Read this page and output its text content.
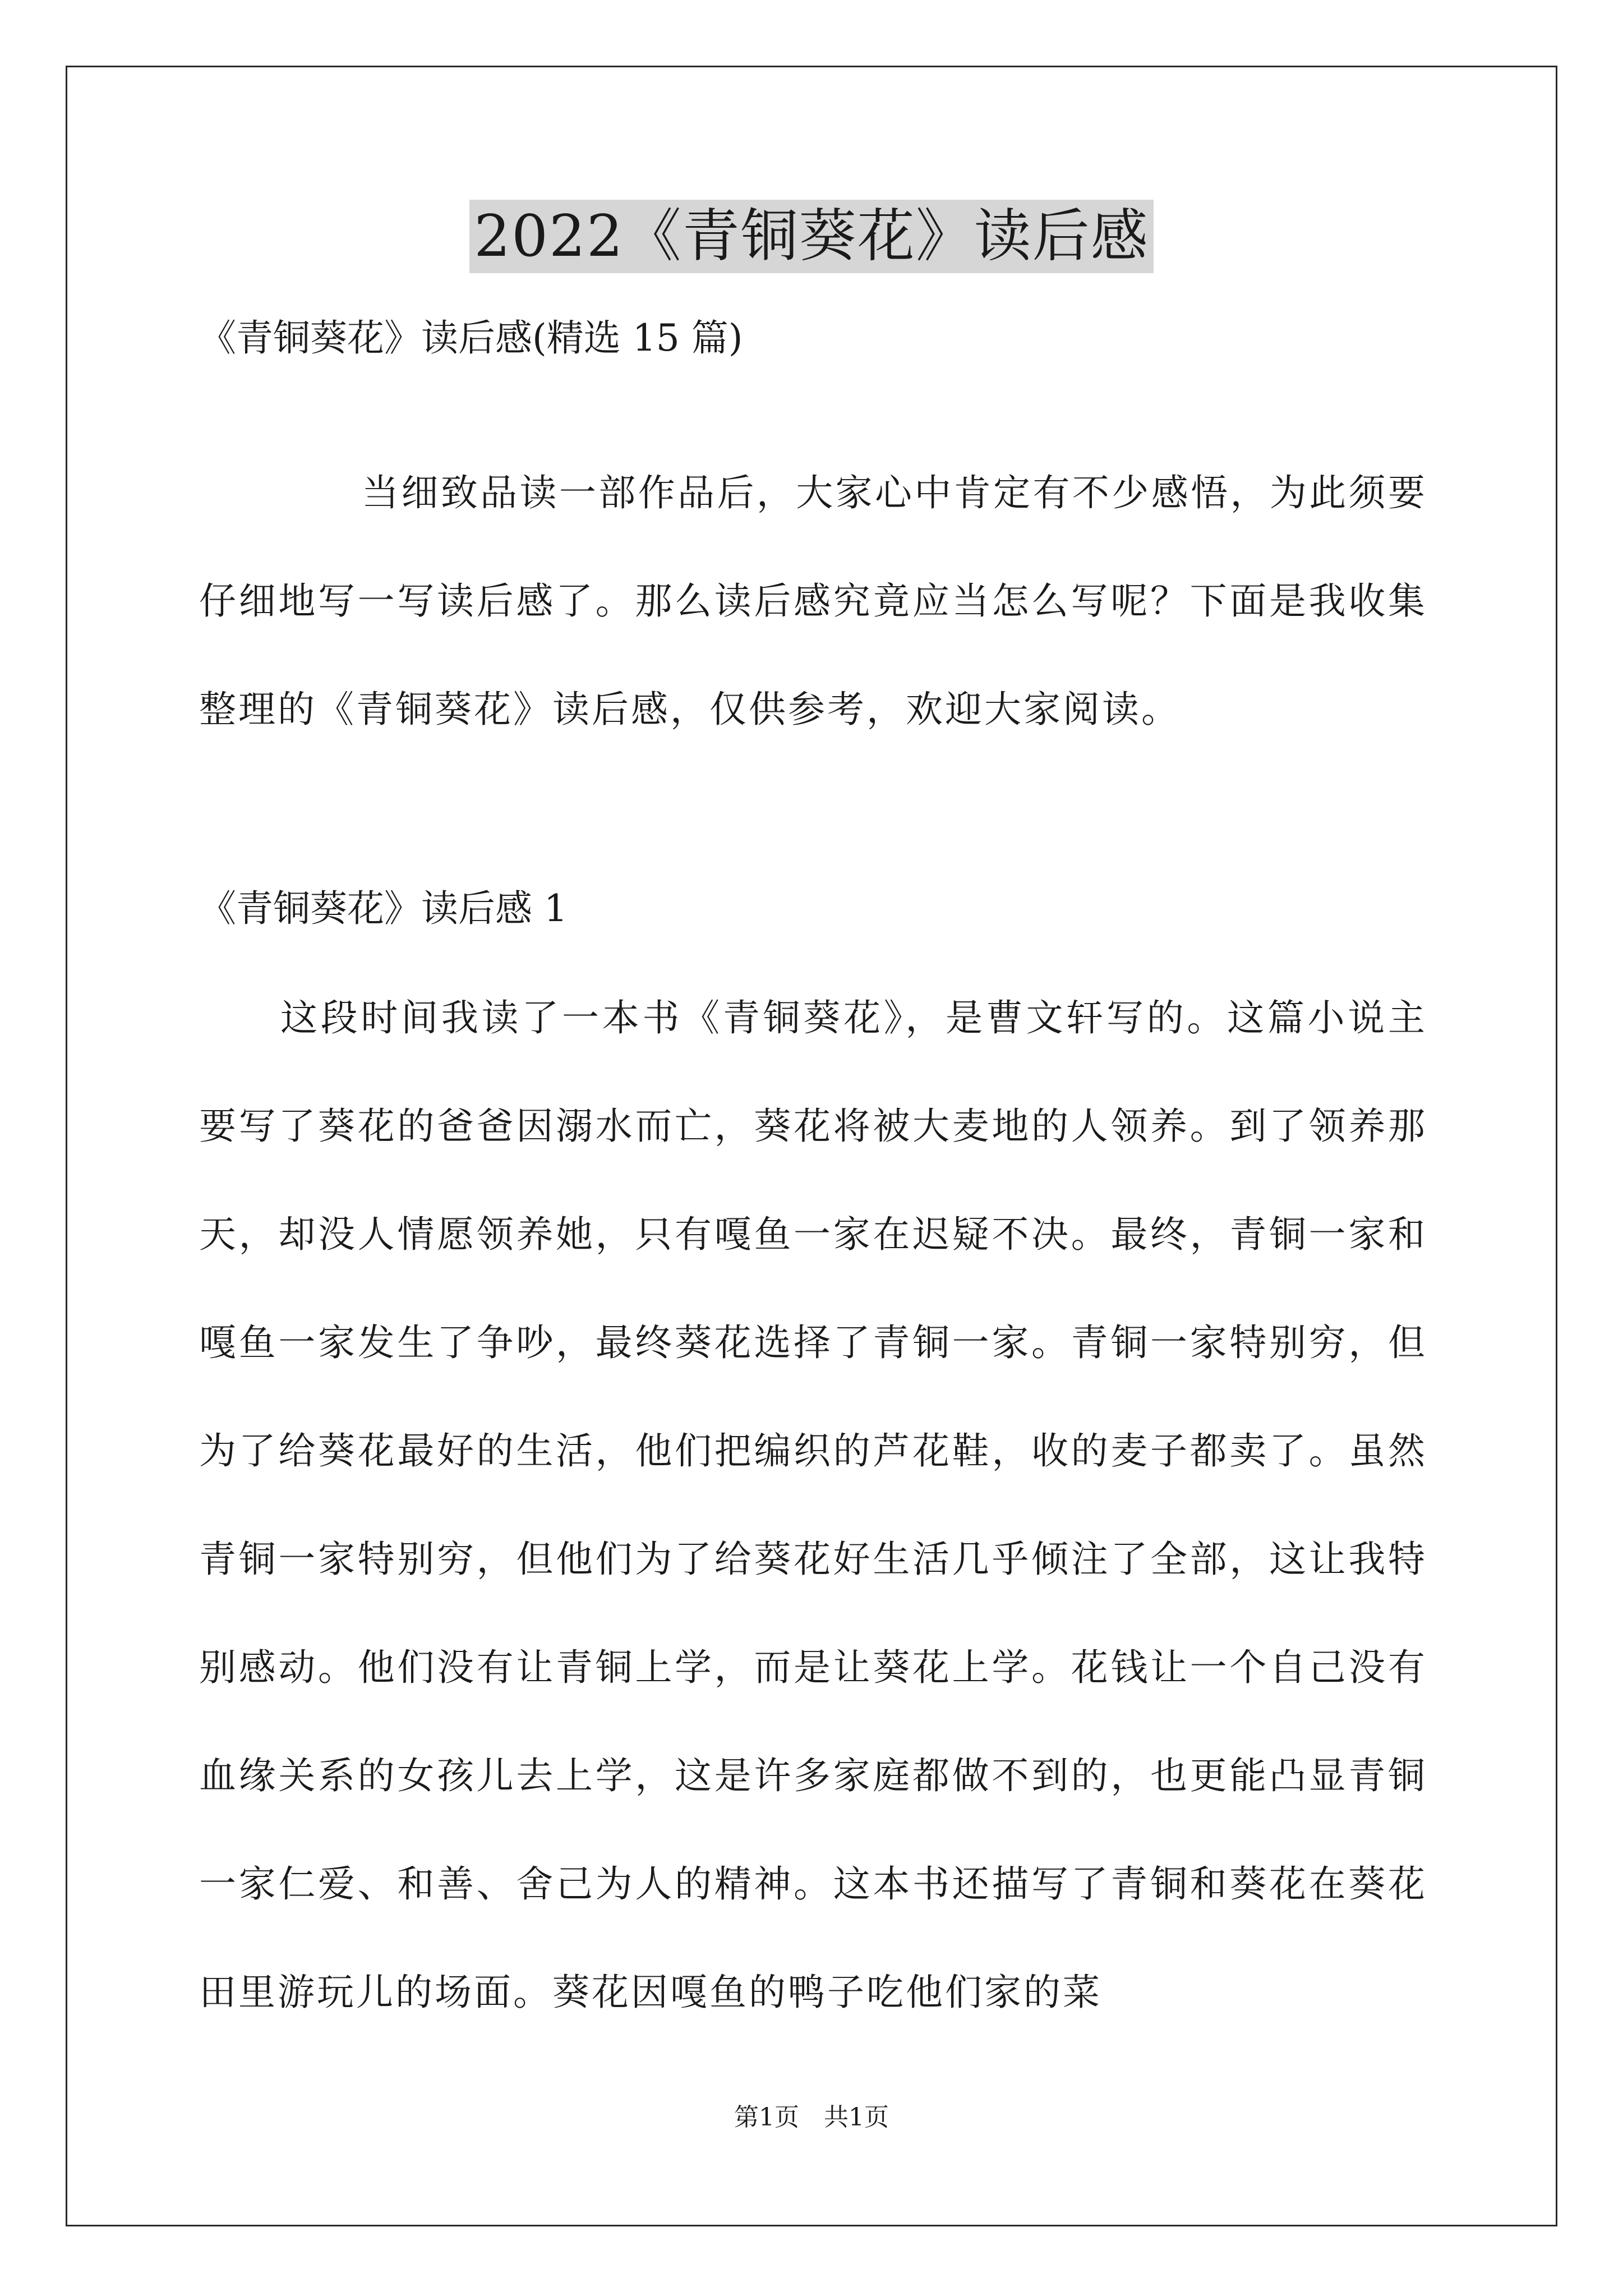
2022《青铜葵花》读后感
《青铜葵花》读后感(精选 15 篇)
当细致品读一部作品后，大家心中肯定有不少感悟，为此须要仔细地写一写读后感了。那么读后感究竟应当怎么写呢？下面是我收集整理的《青铜葵花》读后感，仅供参考，欢迎大家阅读。
《青铜葵花》读后感 1
这段时间我读了一本书《青铜葵花》，是曹文轩写的。这篇小说主要写了葵花的爸爸因溺水而亡，葵花将被大麦地的人领养。到了领养那天，却没人情愿领养她，只有嘎鱼一家在迟疑不决。最终，青铜一家和嘎鱼一家发生了争吵，最终葵花选择了青铜一家。青铜一家特别穷，但为了给葵花最好的生活，他们把编织的芦花鞋，收的麦子都卖了。虽然青铜一家特别穷，但他们为了给葵花好生活几乎倾注了全部，这让我特别感动。他们没有让青铜上学，而是让葵花上学。花钱让一个自己没有血缘关系的女孩儿去上学，这是许多家庭都做不到的，也更能凸显青铜一家仁爱、和善、舍己为人的精神。这本书还描写了青铜和葵花在葵花田里游玩儿的场面。葵花因嘎鱼的鸭子吃他们家的菜
第1页　共1页
